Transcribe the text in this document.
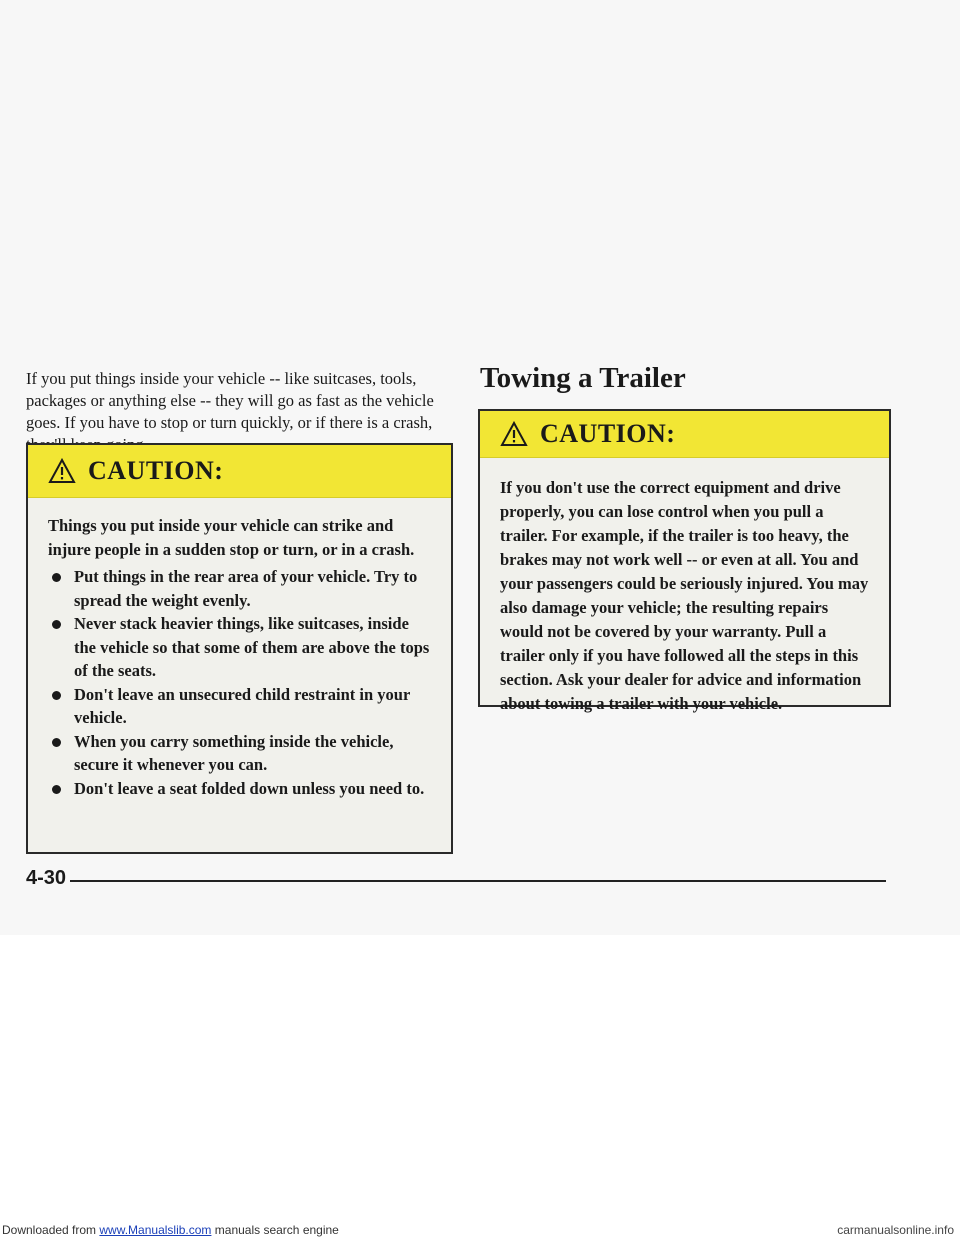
If you put things inside your vehicle -- like suitcases, tools, packages or anything else -- they will go as fast as the vehicle goes. If you have to stop or turn quickly, or if there is a crash,

CAUTION:

Things you put inside your vehicle can strike and injure people in a sudden stop or turn, or in a crash.

Put things in the rear area of your vehicle. Try to spread the weight evenly.
Never stack heavier things, like suitcases, inside the vehicle so that some of them are above the tops of the seats.
Don't leave an unsecured child restraint in your vehicle.
When you carry something inside the vehicle, secure it whenever you can.
Don't leave a seat folded down unless you need to.
Towing a Trailer
CAUTION:

If you don't use the correct equipment and drive properly, you can lose control when you pull a trailer. For example, if the trailer is too heavy, the brakes may not work well -- or even at all. You and your passengers could be seriously injured. You may also damage your vehicle; the resulting repairs would not be covered by your warranty. Pull a trailer only if you have followed all the steps in this section. Ask your dealer for advice and information about towing a trailer with your vehicle.

4-30
Downloaded from www.Manualslib.com manuals search engine	carmanualsonline.info
